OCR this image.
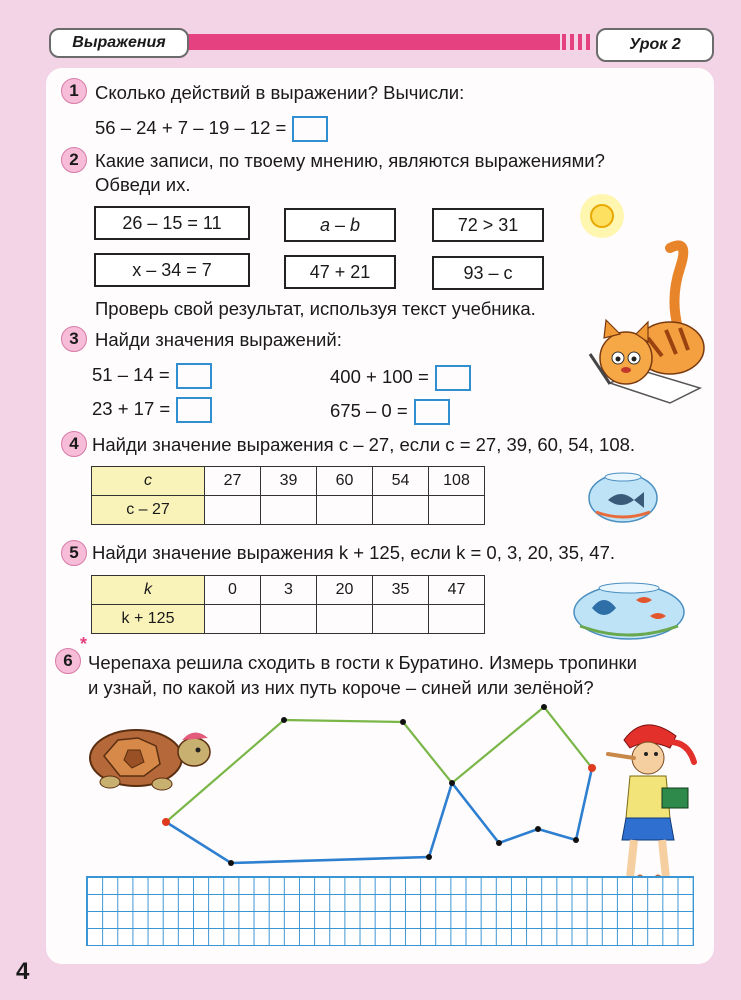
Выражения	Урок 2
1 Сколько действий в выражении? Вычисли:
56 – 24 + 7 – 19 – 12 =
2 Какие записи, по твоему мнению, являются выражениями?
Обведи их.
26 – 15 = 11	a – b	72 > 31
x – 34 = 7	47 + 21	93 – c
Проверь свой результат, используя текст учебника.
3 Найди значения выражений:
51 – 14 =	400 + 100 =
23 + 17 =	675 – 0 =
4 Найди значение выражения c – 27, если c = 27, 39, 60, 54, 108.
c	27	39	60	54	108
c – 27					
5 Найди значение выражения k + 125, если k = 0, 3, 20, 35, 47.
k	0	3	20	35	47
k + 125					
6
*
Черепаха решила сходить в гости к Буратино. Измерь тропинки
и узнай, по какой из них путь короче – синей или зелёной?
4
